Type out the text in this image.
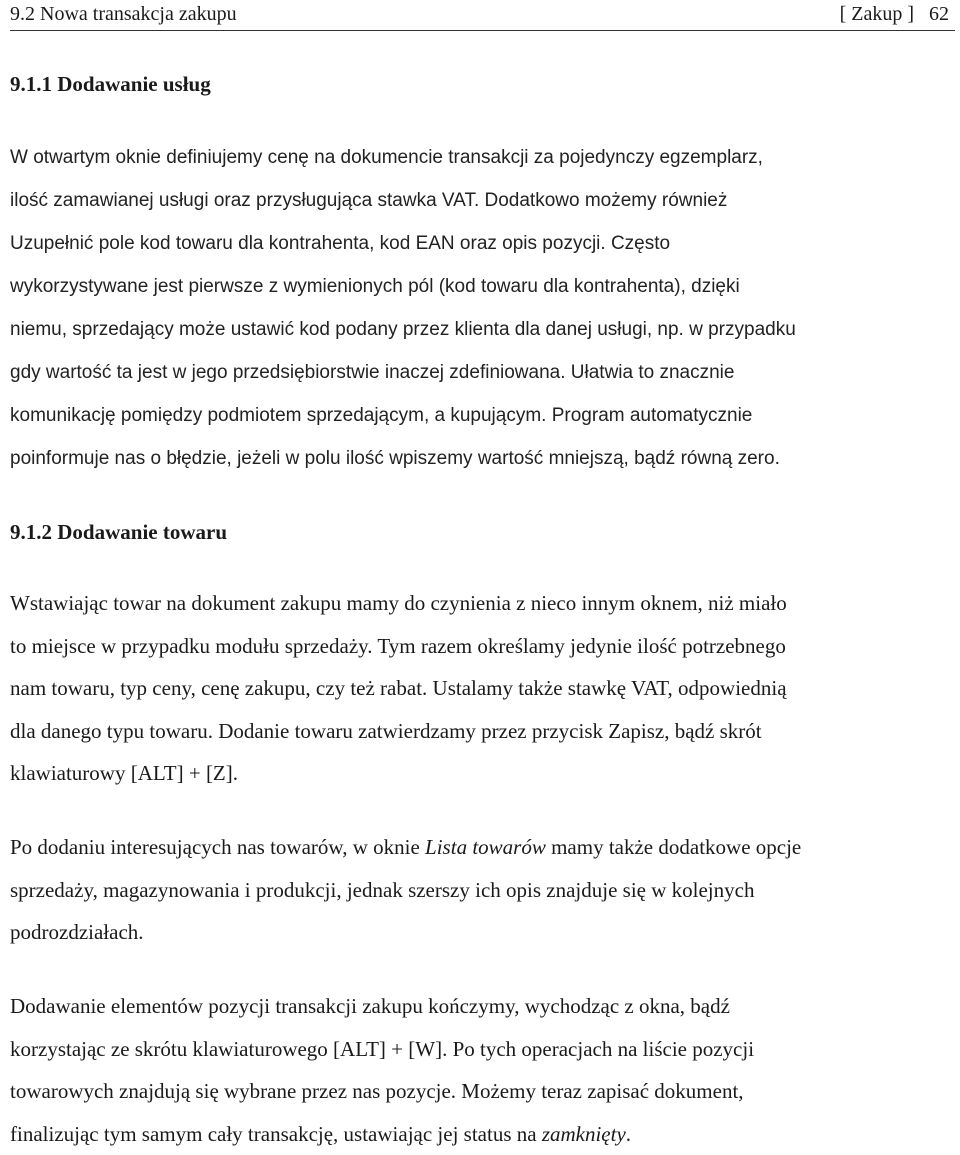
9.2 Nowa transakcja zakupu	[ Zakup ] 62
9.1.1 Dodawanie usług
W otwartym oknie definiujemy cenę na dokumencie transakcji za pojedynczy egzemplarz,
ilość zamawianej usługi oraz przysługująca stawka VAT. Dodatkowo możemy również
Uzupełnić pole kod towaru dla kontrahenta, kod EAN oraz opis pozycji. Często
wykorzystywane jest pierwsze z wymienionych pól (kod towaru dla kontrahenta), dzięki
niemu, sprzedający może ustawić kod podany przez klienta dla danej usługi, np. w przypadku
gdy wartość ta jest w jego przedsiębiorstwie inaczej zdefiniowana. Ułatwia to znacznie
komunikację pomiędzy podmiotem sprzedającym, a kupującym. Program automatycznie
poinformuje nas o błędzie, jeżeli w polu ilość wpiszemy wartość mniejszą, bądź równą zero.
9.1.2 Dodawanie towaru
Wstawiając towar na dokument zakupu mamy do czynienia z nieco innym oknem, niż miało
to miejsce w przypadku modułu sprzedaży. Tym razem określamy jedynie ilość potrzebnego
nam towaru, typ ceny, cenę zakupu, czy też rabat. Ustalamy także stawkę VAT, odpowiednią
dla danego typu towaru. Dodanie towaru zatwierdzamy przez przycisk Zapisz, bądź skrót
klawiaturowy [ALT] + [Z].
Po dodaniu interesujących nas towarów, w oknie Lista towarów mamy także dodatkowe opcje
sprzedaży, magazynowania i produkcji, jednak szerszy ich opis znajduje się w kolejnych
podrozdziałach.
Dodawanie elementów pozycji transakcji zakupu kończymy, wychodząc z okna, bądź
korzystając ze skrótu klawiaturowego [ALT] + [W]. Po tych operacjach na liście pozycji
towarowych znajdują się wybrane przez nas pozycje. Możemy teraz zapisać dokument,
finalizując tym samym cały transakcję, ustawiając jej status na zamknięty.
